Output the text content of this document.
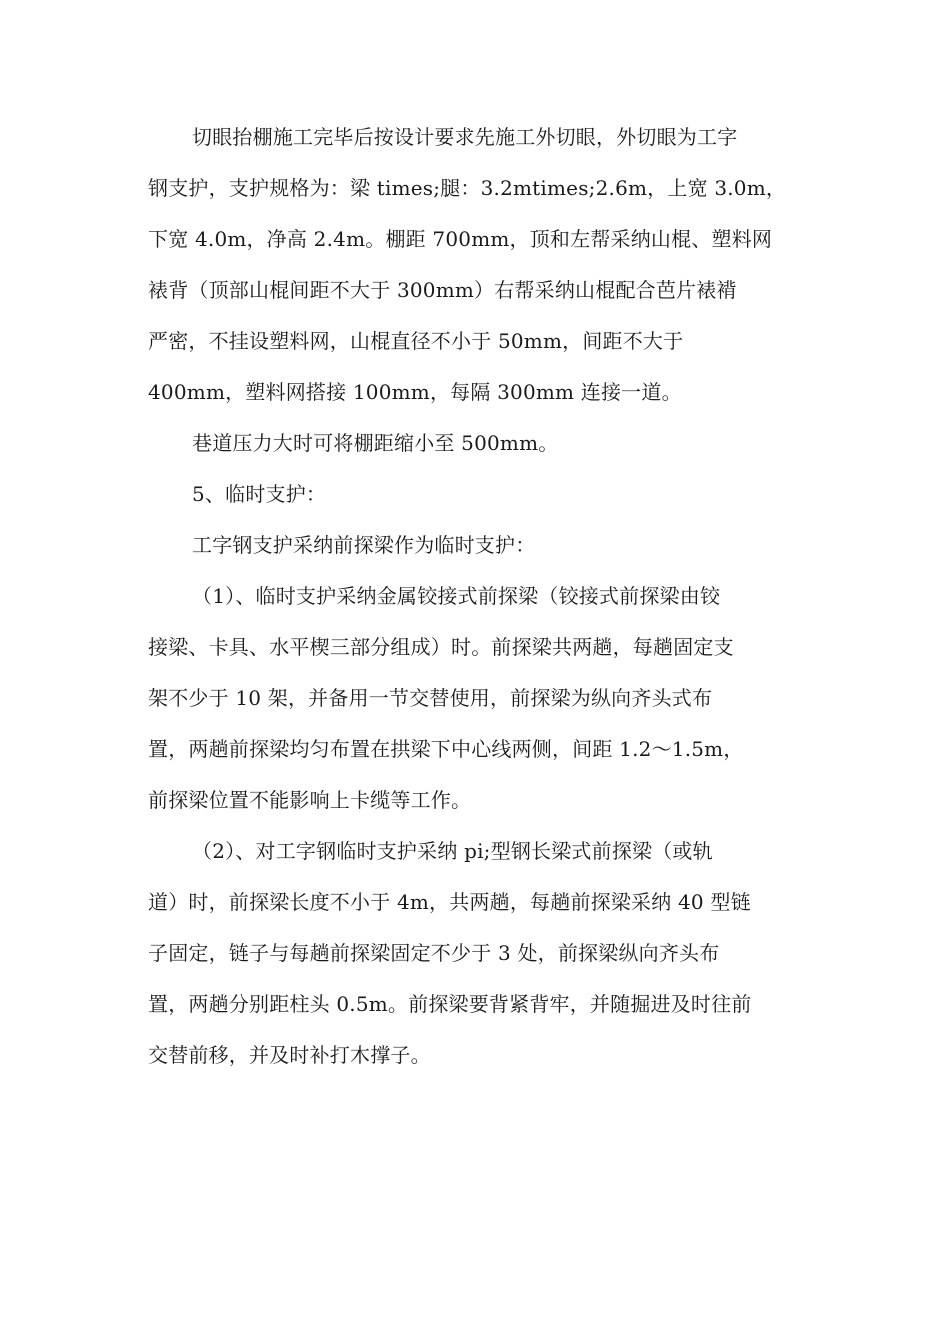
切眼抬棚施工完毕后按设计要求先施工外切眼，外切眼为工字
钢支护，支护规格为：梁 times;腿：3.2mtimes;2.6m，上宽 3.0m，
下宽 4.0m，净高 2.4m。棚距 700mm，顶和左帮采纳山棍、塑料网
裱背（顶部山棍间距不大于 300mm）右帮采纳山棍配合芭片裱褙
严密，不挂设塑料网，山棍直径不小于 50mm，间距不大于
400mm，塑料网搭接 100mm，每隔 300mm 连接一道。
巷道压力大时可将棚距缩小至 500mm。
5、临时支护：
工字钢支护采纳前探梁作为临时支护：
（1）、临时支护采纳金属铰接式前探梁（铰接式前探梁由铰
接梁、卡具、水平楔三部分组成）时。前探梁共两趟，每趟固定支
架不少于 10 架，并备用一节交替使用，前探梁为纵向齐头式布
置，两趟前探梁均匀布置在拱梁下中心线两侧，间距 1.2～1.5m，
前探梁位置不能影响上卡缆等工作。
（2）、对工字钢临时支护采纳 pi;型钢长梁式前探梁（或轨
道）时，前探梁长度不小于 4m，共两趟，每趟前探梁采纳 40 型链
子固定，链子与每趟前探梁固定不少于 3 处，前探梁纵向齐头布
置，两趟分别距柱头 0.5m。前探梁要背紧背牢，并随掘进及时往前
交替前移，并及时补打木撑子。
